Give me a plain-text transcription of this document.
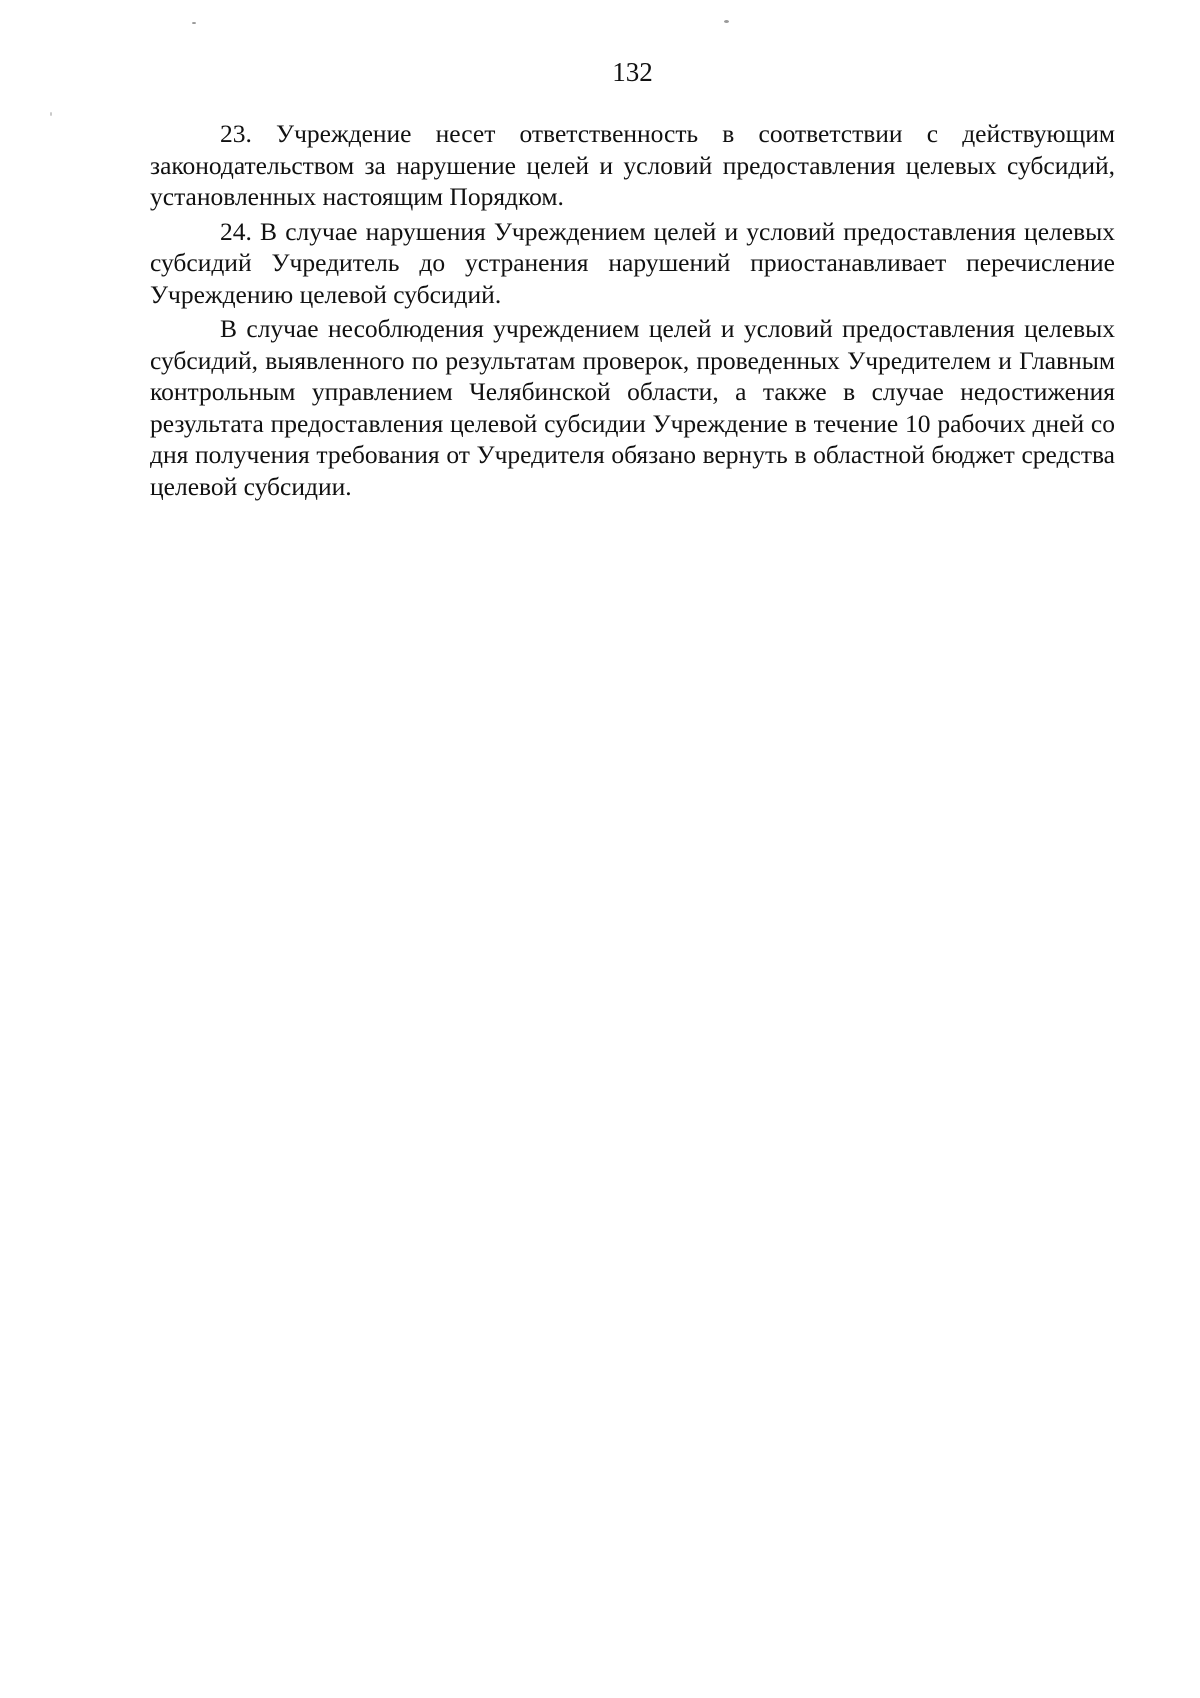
132

23. Учреждение несет ответственность в соответствии с действующим законодательством за нарушение целей и условий предоставления целевых субсидий, установленных настоящим Порядком.

24. В случае нарушения Учреждением целей и условий предоставления целевых субсидий Учредитель до устранения нарушений приостанавливает перечисление Учреждению целевой субсидий.

В случае несоблюдения учреждением целей и условий предоставления целевых субсидий, выявленного по результатам проверок, проведенных Учредителем и Главным контрольным управлением Челябинской области, а также в случае недостижения результата предоставления целевой субсидии Учреждение в течение 10 рабочих дней со дня получения требования от Учредителя обязано вернуть в областной бюджет средства целевой субсидии.
